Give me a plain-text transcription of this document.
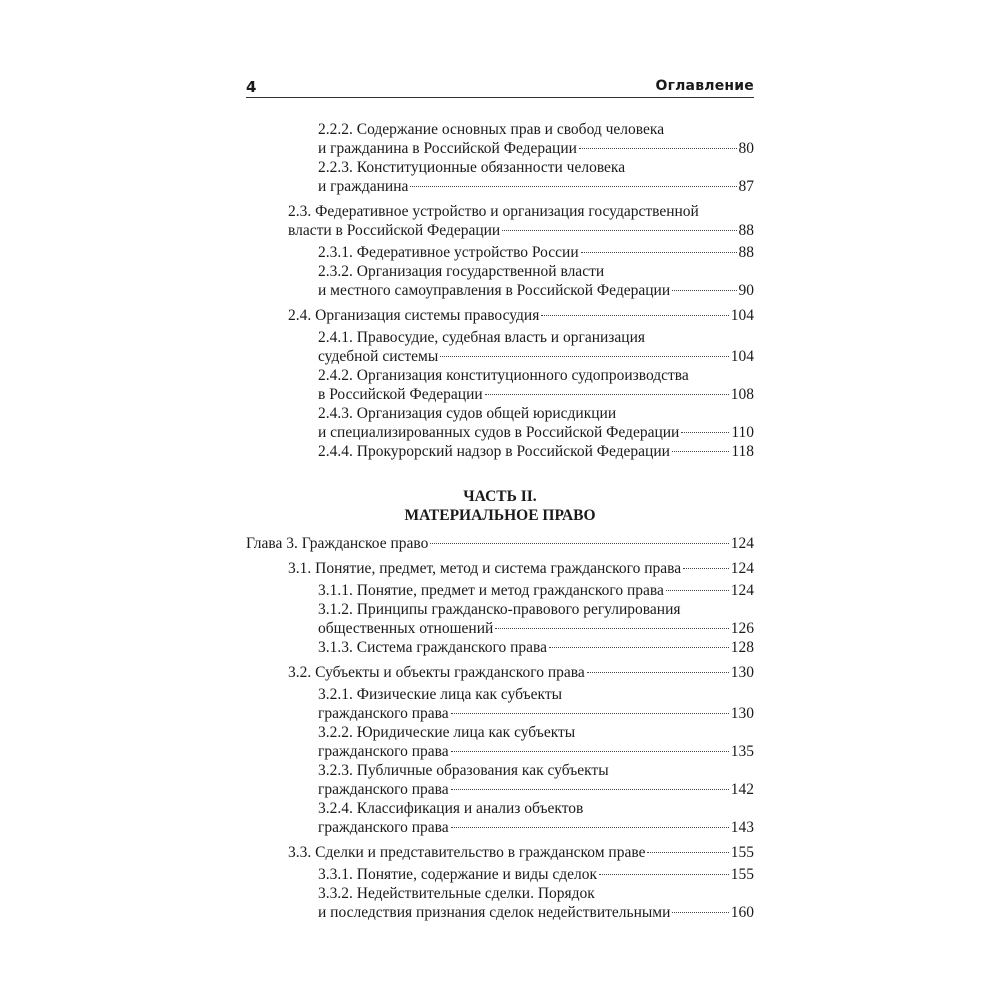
4	Оглавление
2.2.2. Содержание основных прав и свобод человека
и гражданина в Российской Федерации	80
2.2.3. Конституционные обязанности человека
и гражданина	87
2.3. Федеративное устройство и организация государственной
власти в Российской Федерации	88
2.3.1. Федеративное устройство России	88
2.3.2. Организация государственной власти
и местного самоуправления в Российской Федерации	90
2.4. Организация системы правосудия	104
2.4.1. Правосудие, судебная власть и организация
судебной системы	104
2.4.2. Организация конституционного судопроизводства
в Российской Федерации	108
2.4.3. Организация судов общей юрисдикции
и специализированных судов в Российской Федерации	110
2.4.4. Прокурорский надзор в Российской Федерации	118
ЧАСТЬ II.
МАТЕРИАЛЬНОЕ ПРАВО
Глава 3. Гражданское право	124
3.1. Понятие, предмет, метод и система гражданского права	124
3.1.1. Понятие, предмет и метод гражданского права	124
3.1.2. Принципы гражданско-правового регулирования
общественных отношений	126
3.1.3. Система гражданского права	128
3.2. Субъекты и объекты гражданского права	130
3.2.1. Физические лица как субъекты
гражданского права	130
3.2.2. Юридические лица как субъекты
гражданского права	135
3.2.3. Публичные образования как субъекты
гражданского права	142
3.2.4. Классификация и анализ объектов
гражданского права	143
3.3. Сделки и представительство в гражданском праве	155
3.3.1. Понятие, содержание и виды сделок	155
3.3.2. Недействительные сделки. Порядок
и последствия признания сделок недействительными	160
